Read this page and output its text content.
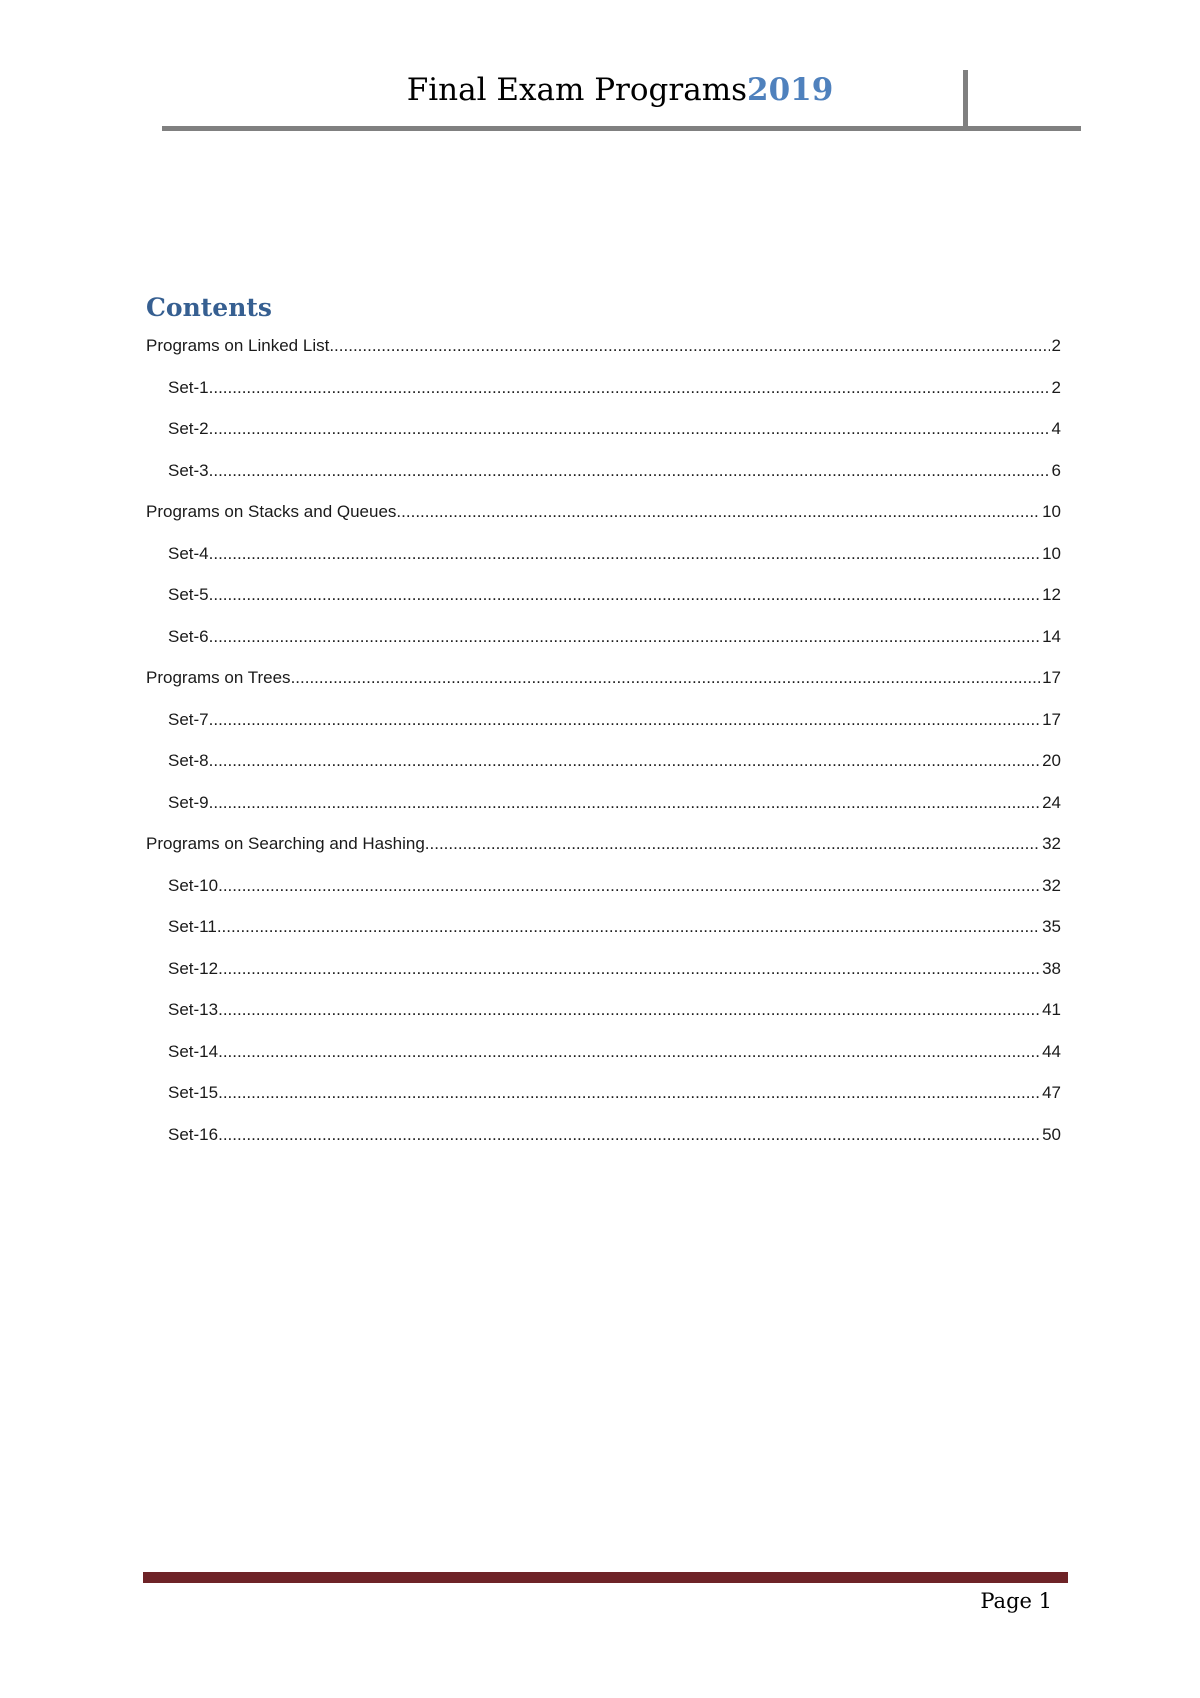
Final Exam Programs2019
Contents
Programs on Linked List .....	2
Set-1 .....	2
Set-2 .....	4
Set-3 .....	6
Programs on Stacks and Queues .....	10
Set-4 .....	10
Set-5 .....	12
Set-6 .....	14
Programs on Trees .....	17
Set-7 .....	17
Set-8 .....	20
Set-9 .....	24
Programs on Searching and Hashing .....	32
Set-10 .....	32
Set-11 .....	35
Set-12 .....	38
Set-13 .....	41
Set-14 .....	44
Set-15 .....	47
Set-16 .....	50
Page 1
